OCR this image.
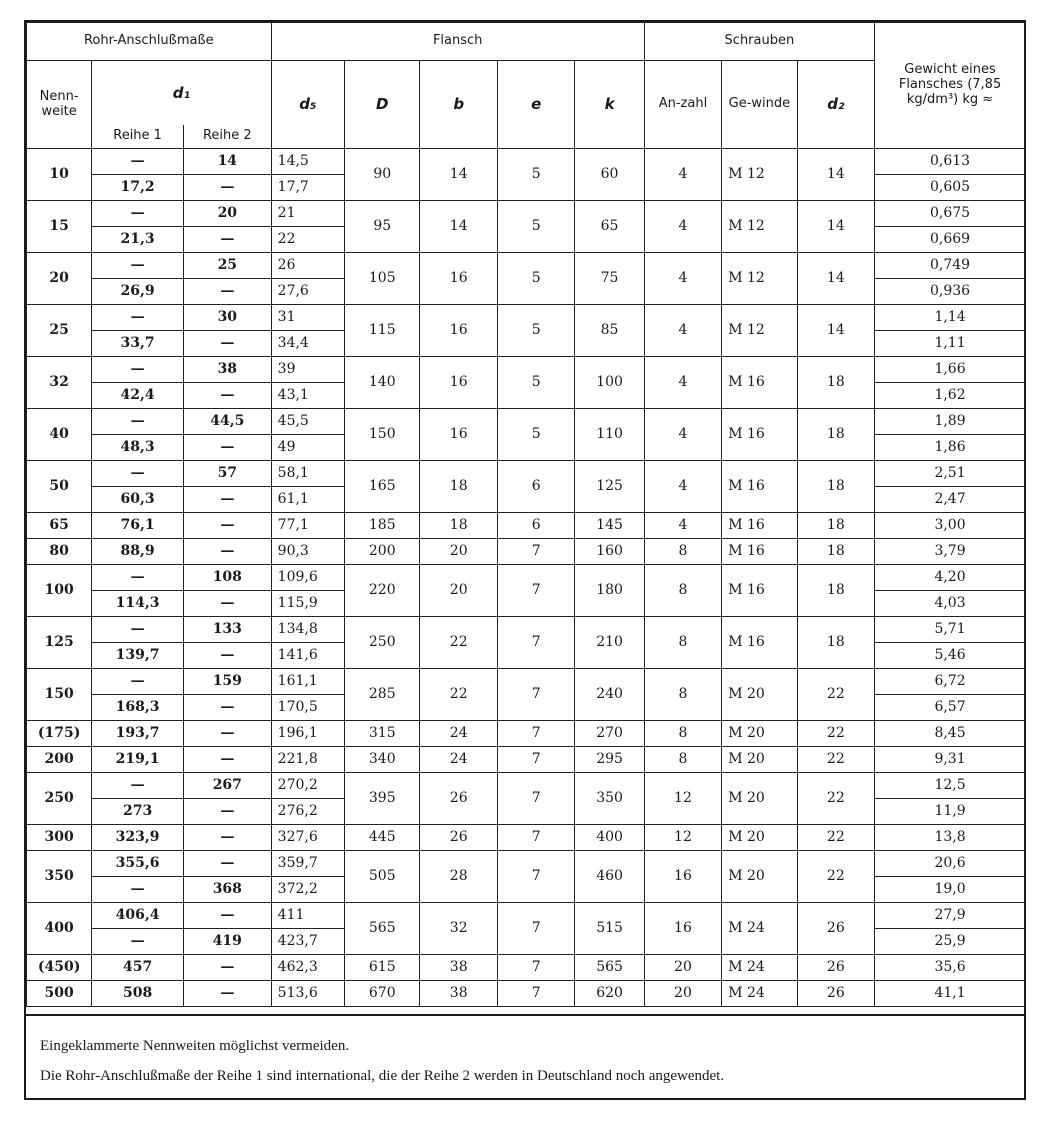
Rohr-Anschlußmaße			Flansch					Schrauben			Gewicht eines Flansches (7,85 kg/dm³) kg ≈
Nenn-weite	d₁		d₅	D	b	e	k	An-zahl	Ge-winde	d₂	
	Reihe 1	Reihe 2									
10	—	14	14,5	90	14	5	60	4	M 12	14	0,613
	17,2	—	17,7								0,605
15	—	20	21	95	14	5	65	4	M 12	14	0,675
	21,3	—	22								0,669
20	—	25	26	105	16	5	75	4	M 12	14	0,749
	26,9	—	27,6								0,936
25	—	30	31	115	16	5	85	4	M 12	14	1,14
	33,7	—	34,4								1,11
32	—	38	39	140	16	5	100	4	M 16	18	1,66
	42,4	—	43,1								1,62
40	—	44,5	45,5	150	16	5	110	4	M 16	18	1,89
	48,3	—	49								1,86
50	—	57	58,1	165	18	6	125	4	M 16	18	2,51
	60,3	—	61,1								2,47
65	76,1	—	77,1	185	18	6	145	4	M 16	18	3,00
80	88,9	—	90,3	200	20	7	160	8	M 16	18	3,79
100	—	108	109,6	220	20	7	180	8	M 16	18	4,20
	114,3	—	115,9								4,03
125	—	133	134,8	250	22	7	210	8	M 16	18	5,71
	139,7	—	141,6								5,46
150	—	159	161,1	285	22	7	240	8	M 20	22	6,72
	168,3	—	170,5								6,57
(175)	193,7	—	196,1	315	24	7	270	8	M 20	22	8,45
200	219,1	—	221,8	340	24	7	295	8	M 20	22	9,31
250	—	267	270,2	395	26	7	350	12	M 20	22	12,5
	273	—	276,2								11,9
300	323,9	—	327,6	445	26	7	400	12	M 20	22	13,8
350	355,6	—	359,7	505	28	7	460	16	M 20	22	20,6
	—	368	372,2								19,0
400	406,4	—	411	565	32	7	515	16	M 24	26	27,9
	—	419	423,7								25,9
(450)	457	—	462,3	615	38	7	565	20	M 24	26	35,6
500	508	—	513,6	670	38	7	620	20	M 24	26	41,1
Eingeklammerte Nennweiten möglichst vermeiden.
Die Rohr-Anschlußmaße der Reihe 1 sind international, die der Reihe 2 werden in Deutschland noch angewendet.
